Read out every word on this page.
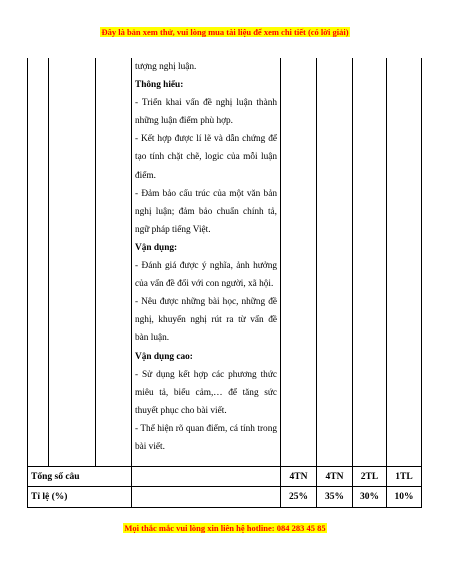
Đây là bản xem thử, vui lòng mua tài liệu để xem chi tiết (có lời giải)

tượng nghị luận.

Thông hiểu:

- Triển khai vấn đề nghị luận thành những luận điểm phù hợp.

- Kết hợp được lí lẽ và dẫn chứng để tạo tính chặt chẽ, logic của mỗi luận điểm.

- Đảm bảo cấu trúc của một văn bản nghị luận; đảm bảo chuẩn chính tả, ngữ pháp tiếng Việt.

Vận dụng:

- Đánh giá được ý nghĩa, ảnh hưởng của vấn đề đối với con người, xã hội.

- Nêu được những bài học, những đề nghị, khuyến nghị rút ra từ vấn đề bàn luận.

Vận dụng cao:

- Sử dụng kết hợp các phương thức miêu tả, biểu cảm,… để tăng sức thuyết phục cho bài viết.

- Thể hiện rõ quan điểm, cá tính trong bài viết.

Tổng số câu	4TN	4TN	2TL	1TL
Tỉ lệ (%)	25%	35%	30%	10%
Mọi thắc mắc vui lòng xin liên hệ hotline: 084 283 45 85
